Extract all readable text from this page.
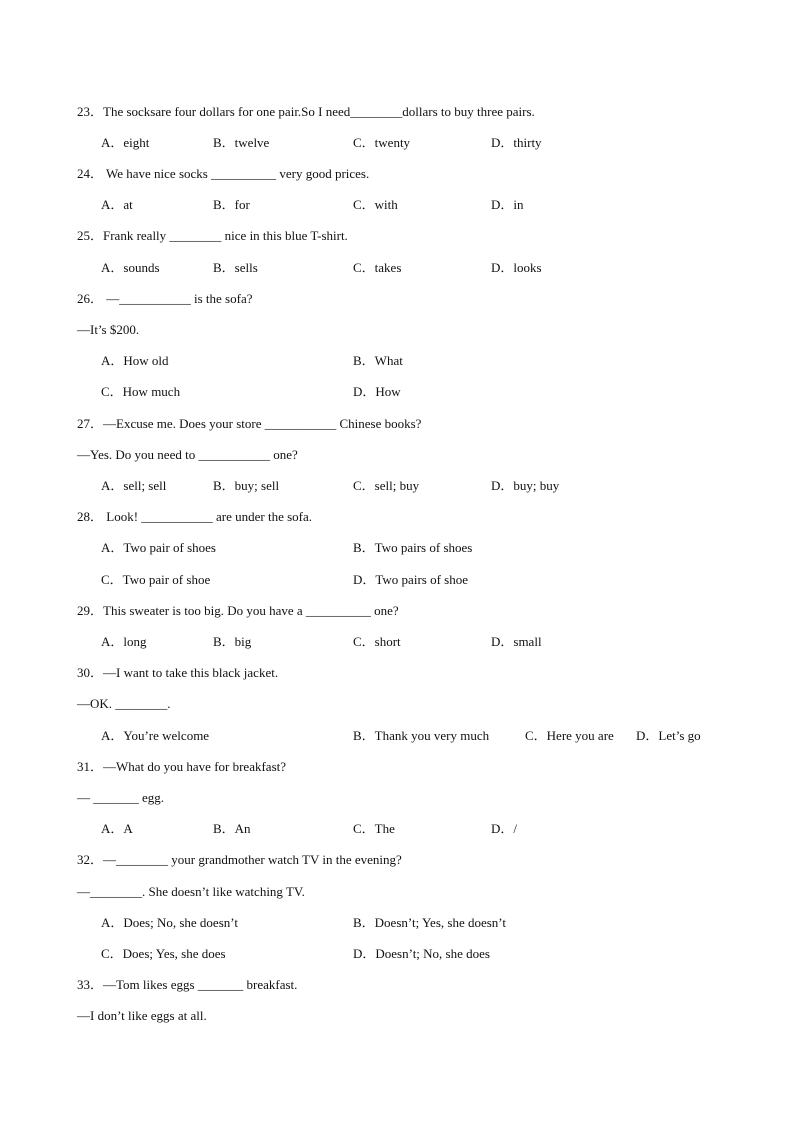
23．The socksare four dollars for one pair.So I need________dollars to buy three pairs.
A．eight	B．twelve	C．twenty	D．thirty
24． We have nice socks __________ very good prices.
A．at	B．for	C．with	D．in
25．Frank really ________ nice in this blue T-shirt.
A．sounds	B．sells	C．takes	D．looks
26． —___________ is the sofa?
—It’s $200.
A．How old	B．What
C．How much	D．How
27．—Excuse me. Does your store ___________ Chinese books?
—Yes. Do you need to ___________ one?
A．sell; sell	B．buy; sell	C．sell; buy	D．buy; buy
28． Look! ___________ are under the sofa.
A．Two pair of shoes	B．Two pairs of shoes
C．Two pair of shoe	D．Two pairs of shoe
29．This sweater is too big. Do you have a __________ one?
A．long	B．big	C．short	D．small
30．—I want to take this black jacket.
—OK. ________.
A．You’re welcome	B．Thank you very much	C．Here you are D．Let’s go
31．—What do you have for breakfast?
— _______ egg.
A．A	B．An	C．The	D．/
32．—________ your grandmother watch TV in the evening?
—________. She doesn’t like watching TV.
A．Does; No, she doesn’t	B．Doesn’t; Yes, she doesn’t
C．Does; Yes, she does	D．Doesn’t; No, she does
33．—Tom likes eggs _______ breakfast.
—I don’t like eggs at all.
